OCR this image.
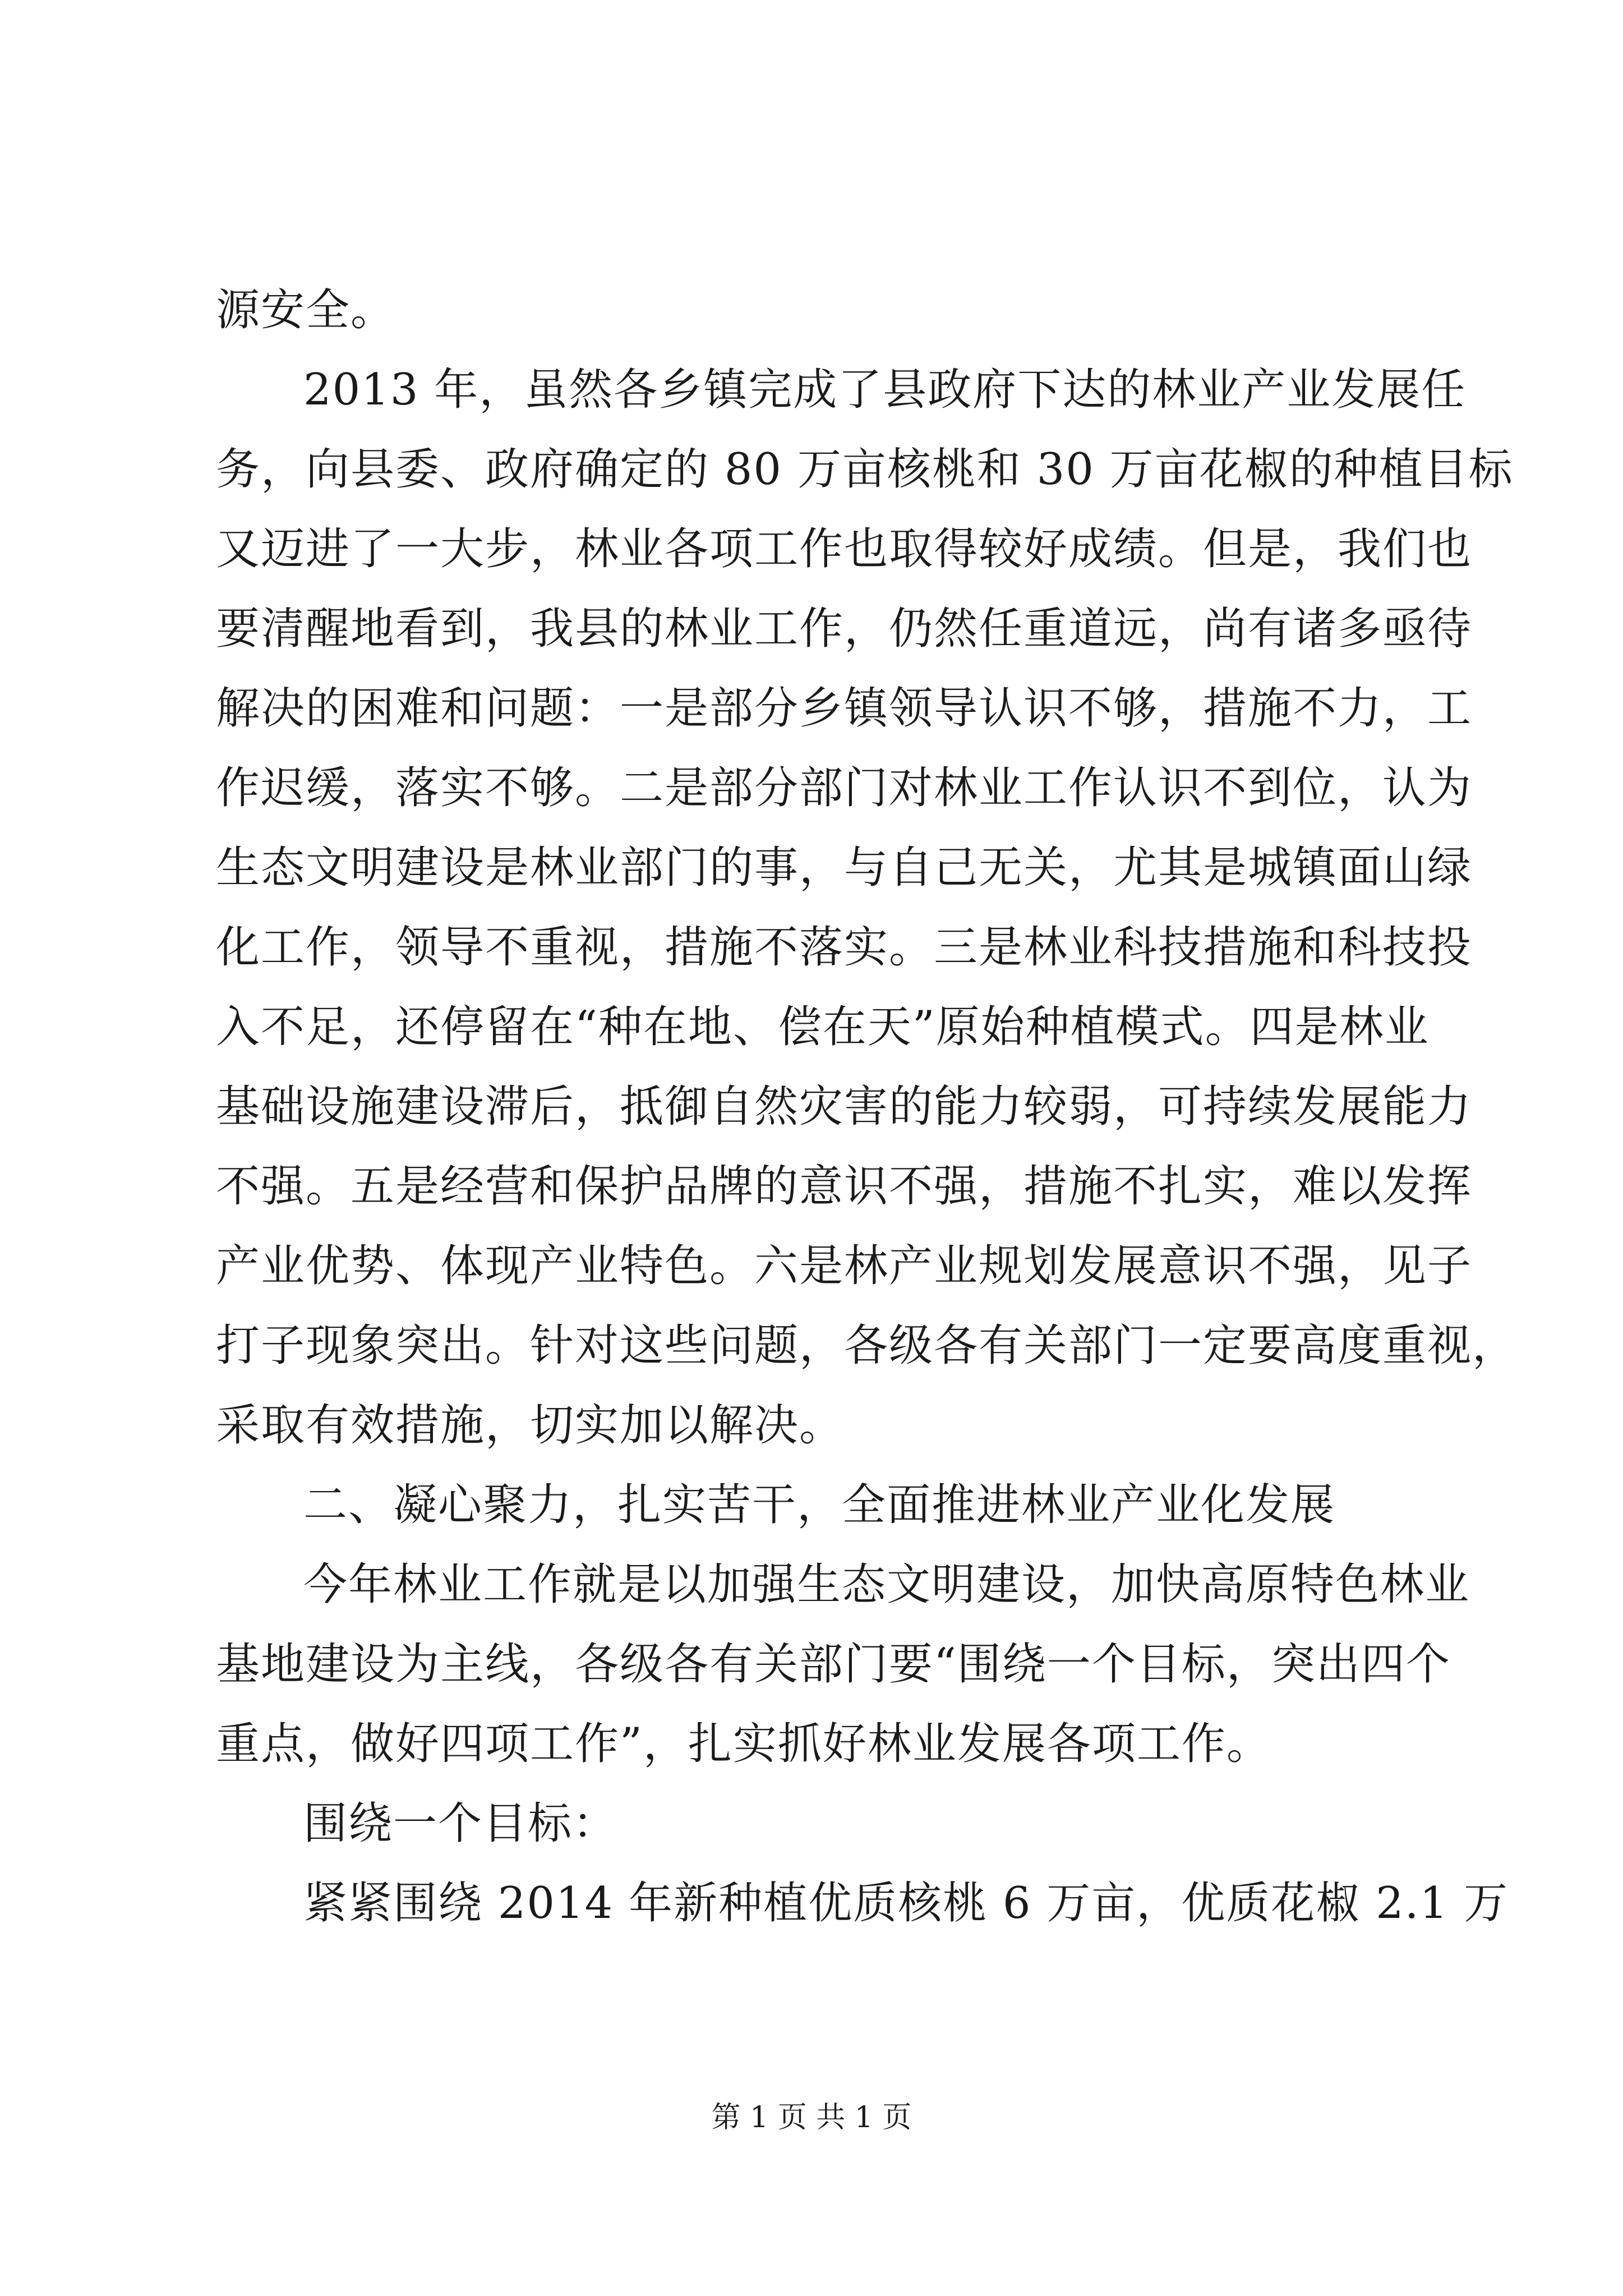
源安全。
2013 年，虽然各乡镇完成了县政府下达的林业产业发展任
务，向县委、政府确定的 80 万亩核桃和 30 万亩花椒的种植目标
又迈进了一大步，林业各项工作也取得较好成绩。但是，我们也
要清醒地看到，我县的林业工作，仍然任重道远，尚有诸多亟待
解决的困难和问题：一是部分乡镇领导认识不够，措施不力，工
作迟缓，落实不够。二是部分部门对林业工作认识不到位，认为
生态文明建设是林业部门的事，与自己无关，尤其是城镇面山绿
化工作，领导不重视，措施不落实。三是林业科技措施和科技投
入不足，还停留在“种在地、偿在天”原始种植模式。四是林业
基础设施建设滞后，抵御自然灾害的能力较弱，可持续发展能力
不强。五是经营和保护品牌的意识不强，措施不扎实，难以发挥
产业优势、体现产业特色。六是林产业规划发展意识不强，见子
打子现象突出。针对这些问题，各级各有关部门一定要高度重视，
采取有效措施，切实加以解决。
二、凝心聚力，扎实苦干，全面推进林业产业化发展
今年林业工作就是以加强生态文明建设，加快高原特色林业
基地建设为主线，各级各有关部门要“围绕一个目标，突出四个
重点，做好四项工作”，扎实抓好林业发展各项工作。
围绕一个目标：
紧紧围绕 2014 年新种植优质核桃 6 万亩，优质花椒 2.1 万
第 1 页 共 1 页
